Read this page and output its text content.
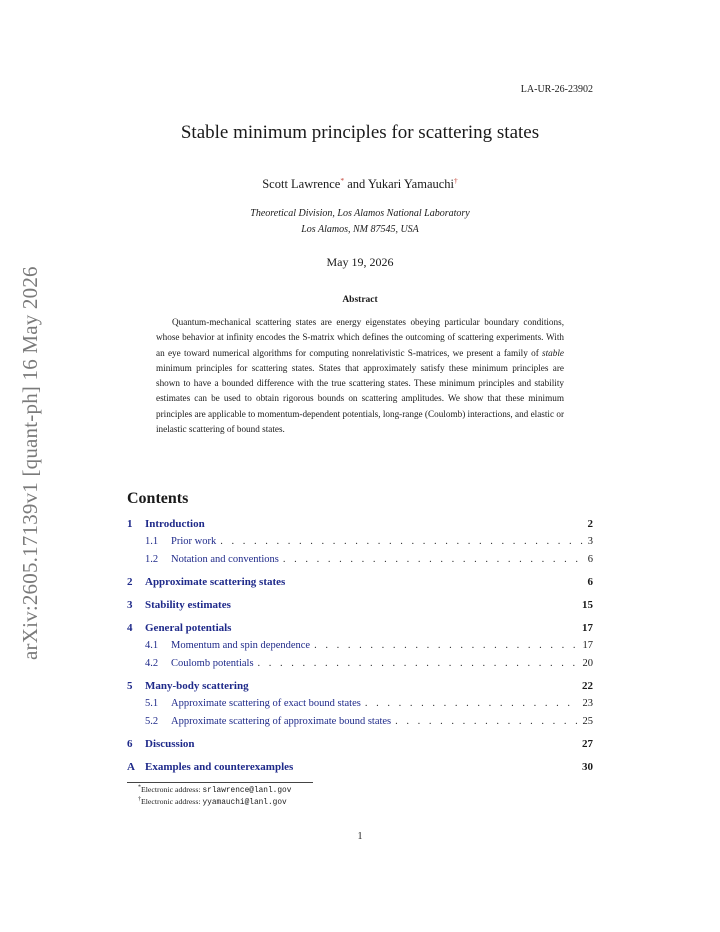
LA-UR-26-23902
arXiv:2605.17139v1 [quant-ph] 16 May 2026
Stable minimum principles for scattering states
Scott Lawrence* and Yukari Yamauchi†
Theoretical Division, Los Alamos National Laboratory
Los Alamos, NM 87545, USA
May 19, 2026
Abstract

Quantum-mechanical scattering states are energy eigenstates obeying particular boundary conditions, whose behavior at infinity encodes the S-matrix which defines the outcoming of scattering experiments. With an eye toward numerical algorithms for computing nonrelativistic S-matrices, we present a family of stable minimum principles for scattering states. States that approximately satisfy these minimum principles are shown to have a bounded difference with the true scattering states. These minimum principles and stability estimates can be used to obtain rigorous bounds on scattering amplitudes. We show that these minimum principles are applicable to momentum-dependent potentials, long-range (Coulomb) interactions, and elastic or inelastic scattering of bound states.

Contents
1	Introduction	2
1.1	Prior work . . .	3
1.2	Notation and conventions . . .	6
2	Approximate scattering states	6
3	Stability estimates	15
4	General potentials	17
4.1	Momentum and spin dependence . . .	17
4.2	Coulomb potentials . . .	20
5	Many-body scattering	22
5.1	Approximate scattering of exact bound states . . .	23
5.2	Approximate scattering of approximate bound states . . .	25
6	Discussion	27
A Examples and counterexamples	30
*Electronic address: srlawrence@lanl.gov
†Electronic address: yyamauchi@lanl.gov
1
